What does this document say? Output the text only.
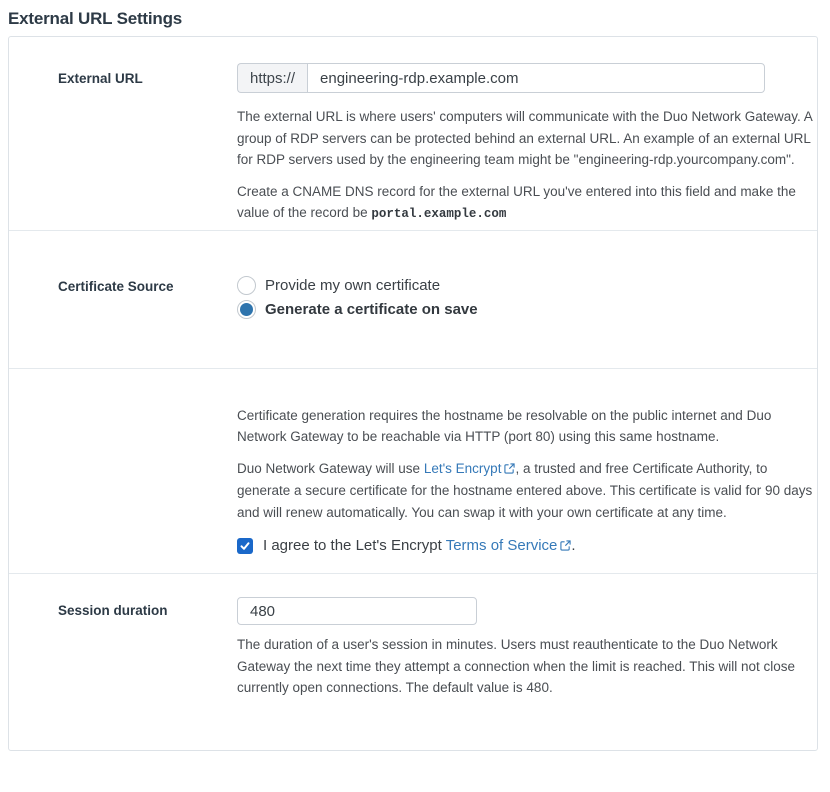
External URL Settings
External URL	https://
engineering-rdp.example.com

The external URL is where users' computers will communicate with the Duo Network Gateway. A group of RDP servers can be protected behind an external URL. An example of an external URL for RDP servers used by the engineering team might be "engineering-rdp.yourcompany.com".

Create a CNAME DNS record for the external URL you've entered into this field and make the value of the record be portal.example.com

Certificate Source	Provide my own certificate
Generate a certificate on save

Certificate generation requires the hostname be resolvable on the public internet and Duo Network Gateway to be reachable via HTTP (port 80) using this same hostname.

Duo Network Gateway will use Let's Encrypt , a trusted and free Certificate Authority, to generate a secure certificate for the hostname entered above. This certificate is valid for 90 days and will renew automatically. You can swap it with your own certificate at any time.

I agree to the Let's Encrypt Terms of Service .
Session duration
480

The duration of a user's session in minutes. Users must reauthenticate to the Duo Network Gateway the next time they attempt a connection when the limit is reached. This will not close currently open connections. The default value is 480.
